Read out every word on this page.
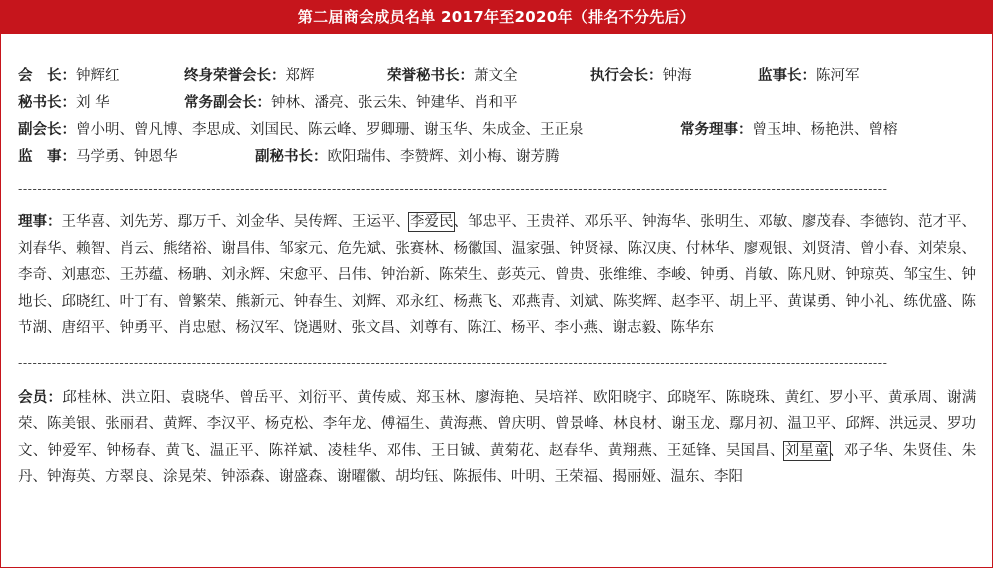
第二届商会成员名单 2017年至2020年（排名不分先后）
会　长：钟辉红	终身荣誉会长：郑辉	荣誉秘书长：萧文全	执行会长：钟海	监事长：陈河军
秘书长：刘 华	常务副会长：钟林、潘亮、张云朱、钟建华、肖和平
副会长：曾小明、曾凡博、李思成、刘国民、陈云峰、罗卿珊、谢玉华、朱成金、王正泉	常务理事：曾玉坤、杨艳洪、曾榕
监　事：马学勇、钟恩华	副秘书长：欧阳瑞伟、李赞辉、刘小梅、谢芳腾
------------------------------------------------------------------------------------------------------------------------------------------------------------------------------------
理事：王华喜、刘先芳、鄢万千、刘金华、吴传辉、王运平、李爱民、邹忠平、王贵祥、邓乐平、钟海华、张明生、邓敏、廖茂春、李德钧、范才平、刘春华、赖智、肖云、熊绪裕、谢昌伟、邹家元、危先斌、张赛林、杨徽国、温家强、钟贤禄、陈汉庚、付林华、廖观银、刘贤清、曾小春、刘荣泉、李奇、刘惠恋、王苏蕴、杨聃、刘永辉、宋愈平、吕伟、钟治新、陈荣生、彭英元、曾贵、张维维、李峻、钟勇、肖敏、陈凡财、钟琼英、邹宝生、钟地长、邱晓红、叶丁有、曾繁荣、熊新元、钟春生、刘辉、邓永红、杨燕飞、邓燕青、刘斌、陈奖辉、赵李平、胡上平、黄谋勇、钟小礼、练优盛、陈节湖、唐绍平、钟勇平、肖忠慰、杨汉军、饶遇财、张文昌、刘尊有、陈江、杨平、李小燕、谢志毅、陈华东
------------------------------------------------------------------------------------------------------------------------------------------------------------------------------------
会员：邱桂林、洪立阳、袁晓华、曾岳平、刘衍平、黄传威、郑玉林、廖海艳、吴培祥、欧阳晓宇、邱晓军、陈晓珠、黄红、罗小平、黄承周、谢满荣、陈美银、张丽君、黄辉、李汉平、杨克松、李年龙、傅福生、黄海燕、曾庆明、曾景峰、林良材、谢玉龙、鄢月初、温卫平、邱辉、洪远灵、罗功文、钟爱军、钟杨春、黄飞、温正平、陈祥斌、凌桂华、邓伟、王日铖、黄菊花、赵春华、黄翔燕、王延锋、吴国昌、刘星童、邓子华、朱贤佳、朱丹、钟海英、方翠良、涂晃荣、钟添森、谢盛森、谢曜徽、胡均钰、陈振伟、叶明、王荣福、揭丽娅、温东、李阳
